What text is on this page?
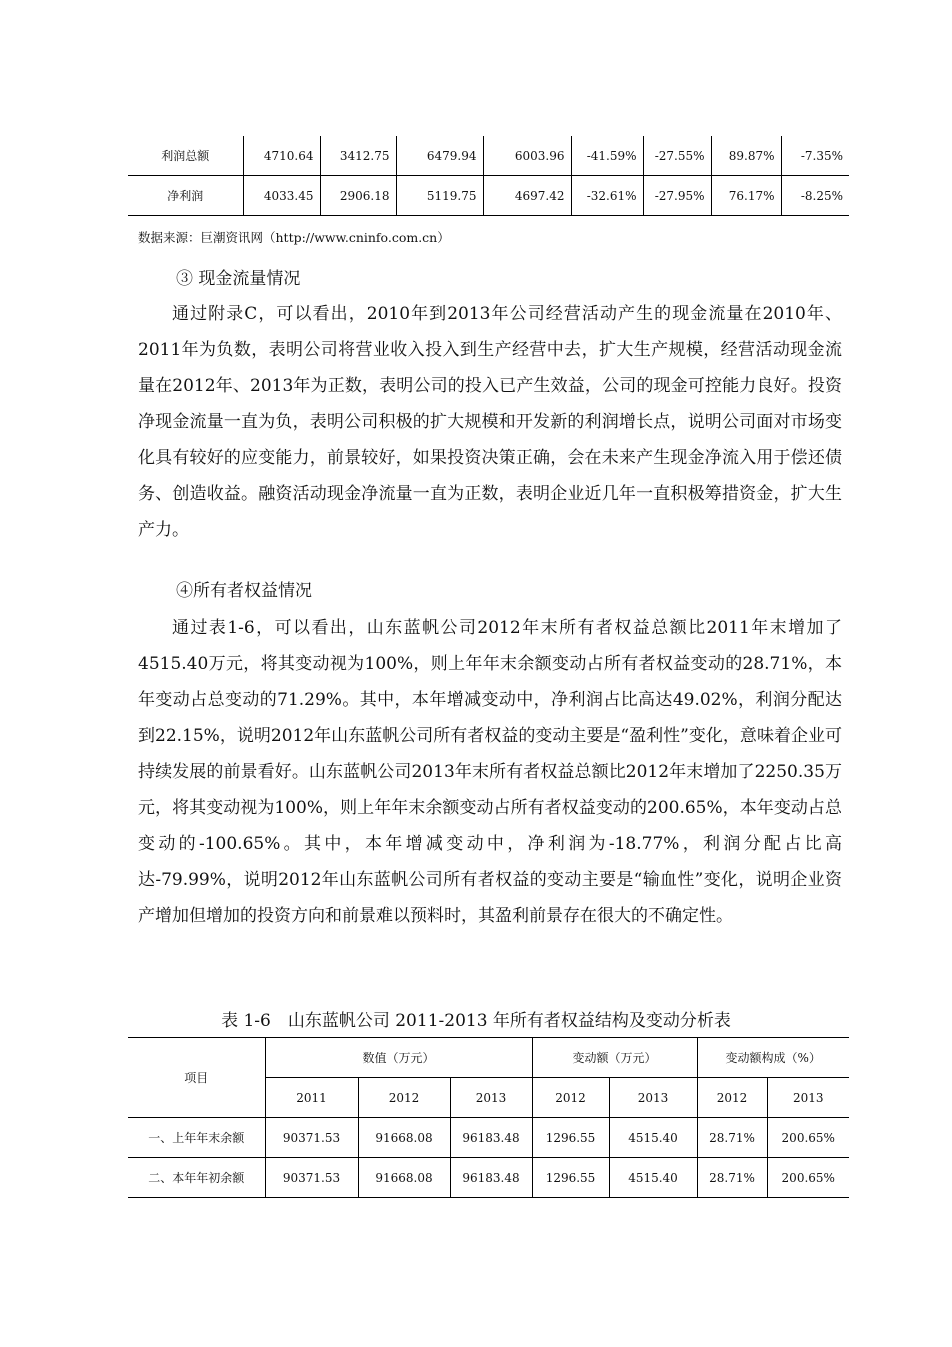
利润总额	4710.64	3412.75	6479.94	6003.96	-41.59%	-27.55%	89.87%	-7.35%
净利润	4033.45	2906.18	5119.75	4697.42	-32.61%	-27.95%	76.17%	-8.25%
数据来源：巨潮资讯网（http://www.cninfo.com.cn）
③ 现金流量情况

通过附录C，可以看出，2010年到2013年公司经营活动产生的现金流量在2010年、2011年为负数，表明公司将营业收入投入到生产经营中去，扩大生产规模，经营活动现金流量在2012年、2013年为正数，表明公司的投入已产生效益，公司的现金可控能力良好。投资净现金流量一直为负，表明公司积极的扩大规模和开发新的利润增长点，说明公司面对市场变化具有较好的应变能力，前景较好，如果投资决策正确，会在未来产生现金净流入用于偿还债务、创造收益。融资活动现金净流量一直为正数，表明企业近几年一直积极筹措资金，扩大生产力。

④所有者权益情况

通过表1-6，可以看出，山东蓝帆公司2012年末所有者权益总额比2011年末增加了4515.40万元，将其变动视为100%，则上年年末余额变动占所有者权益变动的28.71%，本年变动占总变动的71.29%。其中，本年增减变动中，净利润占比高达49.02%，利润分配达到22.15%，说明2012年山东蓝帆公司所有者权益的变动主要是“盈利性”变化，意味着企业可持续发展的前景看好。山东蓝帆公司2013年末所有者权益总额比2012年末增加了2250.35万元，将其变动视为100%，则上年年末余额变动占所有者权益变动的200.65%，本年变动占总变动的-100.65%。其中，本年增减变动中，净利润为-18.77%，利润分配占比高达-79.99%，说明2012年山东蓝帆公司所有者权益的变动主要是“输血性”变化，说明企业资产增加但增加的投资方向和前景难以预料时，其盈利前景存在很大的不确定性。

表 1-6　山东蓝帆公司 2011-2013 年所有者权益结构及变动分析表
项目	数值（万元）			变动额（万元）		变动额构成（%）	
	2011	2012	2013	2012	2013	2012	2013
一、上年年末余额	90371.53	91668.08	96183.48	1296.55	4515.40	28.71%	200.65%
二、本年年初余额	90371.53	91668.08	96183.48	1296.55	4515.40	28.71%	200.65%
